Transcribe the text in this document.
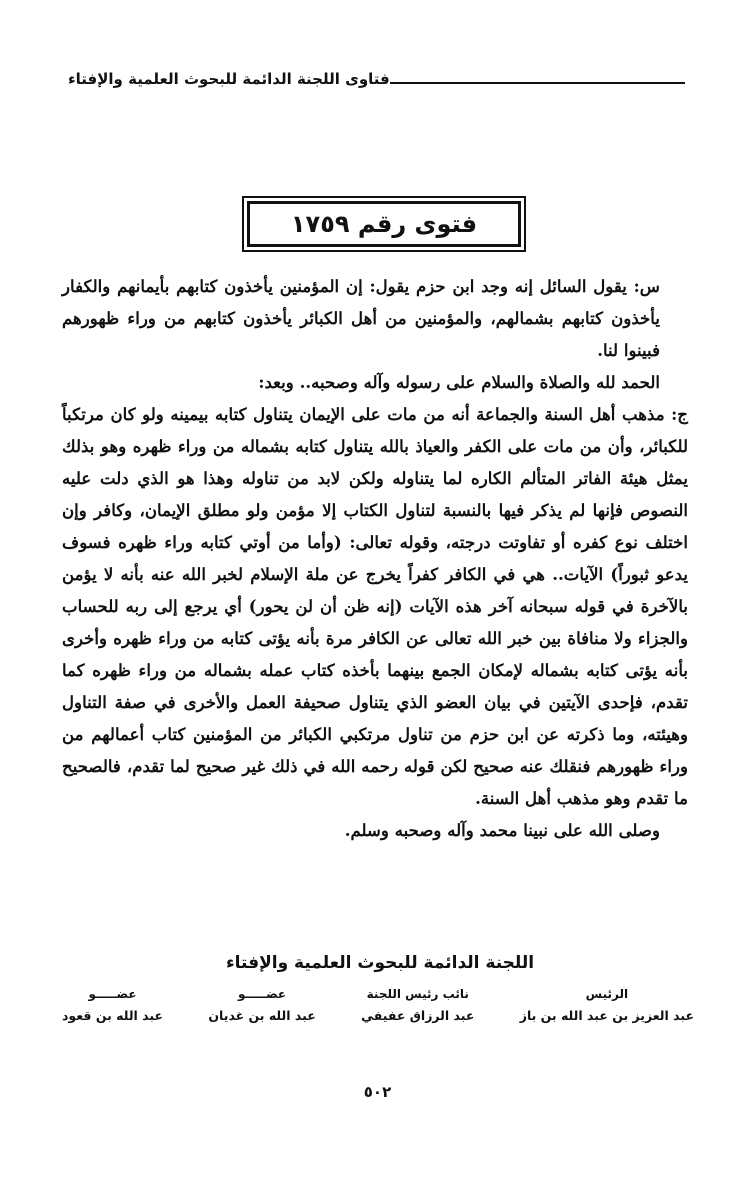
فتاوى اللجنة الدائمة للبحوث العلمية والإفتاء
فتوى رقم ١٧٥٩

س: يقول السائل إنه وجد ابن حزم يقول: إن المؤمنين يأخذون كتابهم بأيمانهم والكفار يأخذون كتابهم بشمالهم، والمؤمنين من أهل الكبائر يأخذون كتابهم من وراء ظهورهم فبينوا لنا.

الحمد لله والصلاة والسلام على رسوله وآله وصحبه.. وبعد:

ج: مذهب أهل السنة والجماعة أنه من مات على الإيمان يتناول كتابه بيمينه ولو كان مرتكباً للكبائر، وأن من مات على الكفر والعياذ بالله يتناول كتابه بشماله من وراء ظهره وهو بذلك يمثل هيئة الفاتر المتألم الكاره لما يتناوله ولكن لابد من تناوله وهذا هو الذي دلت عليه النصوص فإنها لم يذكر فيها بالنسبة لتناول الكتاب إلا مؤمن ولو مطلق الإيمان، وكافر وإن اختلف نوع كفره أو تفاوتت درجته، وقوله تعالى: (وأما من أوتي كتابه وراء ظهره فسوف يدعو ثبوراً) الآيات.. هي في الكافر كفراً يخرج عن ملة الإسلام لخبر الله عنه بأنه لا يؤمن بالآخرة في قوله سبحانه آخر هذه الآيات (إنه ظن أن لن يحور) أي يرجع إلى ربه للحساب والجزاء ولا منافاة بين خبر الله تعالى عن الكافر مرة بأنه يؤتى كتابه من وراء ظهره وأخرى بأنه يؤتى كتابه بشماله لإمكان الجمع بينهما بأخذه كتاب عمله بشماله من وراء ظهره كما تقدم، فإحدى الآيتين في بيان العضو الذي يتناول صحيفة العمل والأخرى في صفة التناول وهيئته، وما ذكرته عن ابن حزم من تناول مرتكبي الكبائر من المؤمنين كتاب أعمالهم من وراء ظهورهم فنقلك عنه صحيح لكن قوله رحمه الله في ذلك غير صحيح لما تقدم، فالصحيح ما تقدم وهو مذهب أهل السنة.

وصلى الله على نبينا محمد وآله وصحبه وسلم.

اللجنة الدائمة للبحوث العلمية والإفتاء
عضـــــو
عبد الله بن قعود
عضـــــو
عبد الله بن غديان
نائب رئيس اللجنة
عبد الرزاق عفيفي
الرئيس
عبد العزيز بن عبد الله بن باز
٥٠٢
